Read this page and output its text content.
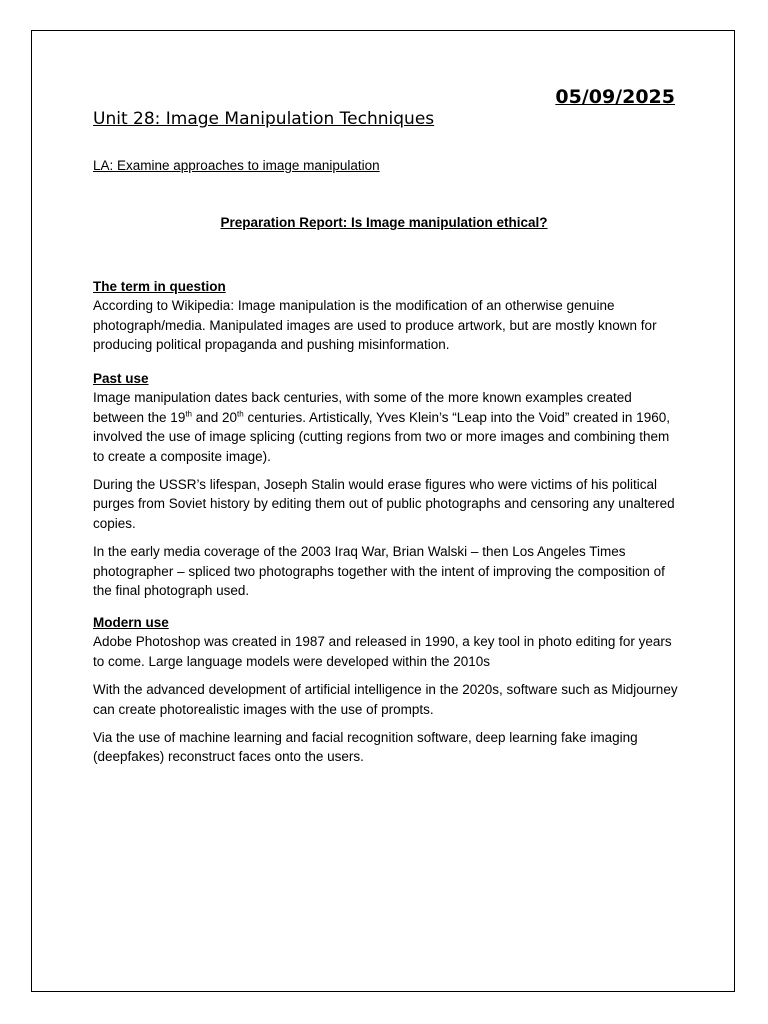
05/09/2025
Unit 28: Image Manipulation Techniques
LA: Examine approaches to image manipulation
Preparation Report: Is Image manipulation ethical?
The term in question

According to Wikipedia: Image manipulation is the modification of an otherwise genuine photograph/media. Manipulated images are used to produce artwork, but are mostly known for producing political propaganda and pushing misinformation.

Past use

Image manipulation dates back centuries, with some of the more known examples created between the 19th and 20th centuries. Artistically, Yves Klein’s “Leap into the Void” created in 1960, involved the use of image splicing (cutting regions from two or more images and combining them to create a composite image).

During the USSR’s lifespan, Joseph Stalin would erase figures who were victims of his political purges from Soviet history by editing them out of public photographs and censoring any unaltered copies.

In the early media coverage of the 2003 Iraq War, Brian Walski – then Los Angeles Times photographer – spliced two photographs together with the intent of improving the composition of the final photograph used.

Modern use

Adobe Photoshop was created in 1987 and released in 1990, a key tool in photo editing for years to come. Large language models were developed within the 2010s

With the advanced development of artificial intelligence in the 2020s, software such as Midjourney can create photorealistic images with the use of prompts.

Via the use of machine learning and facial recognition software, deep learning fake imaging (deepfakes) reconstruct faces onto the users.
